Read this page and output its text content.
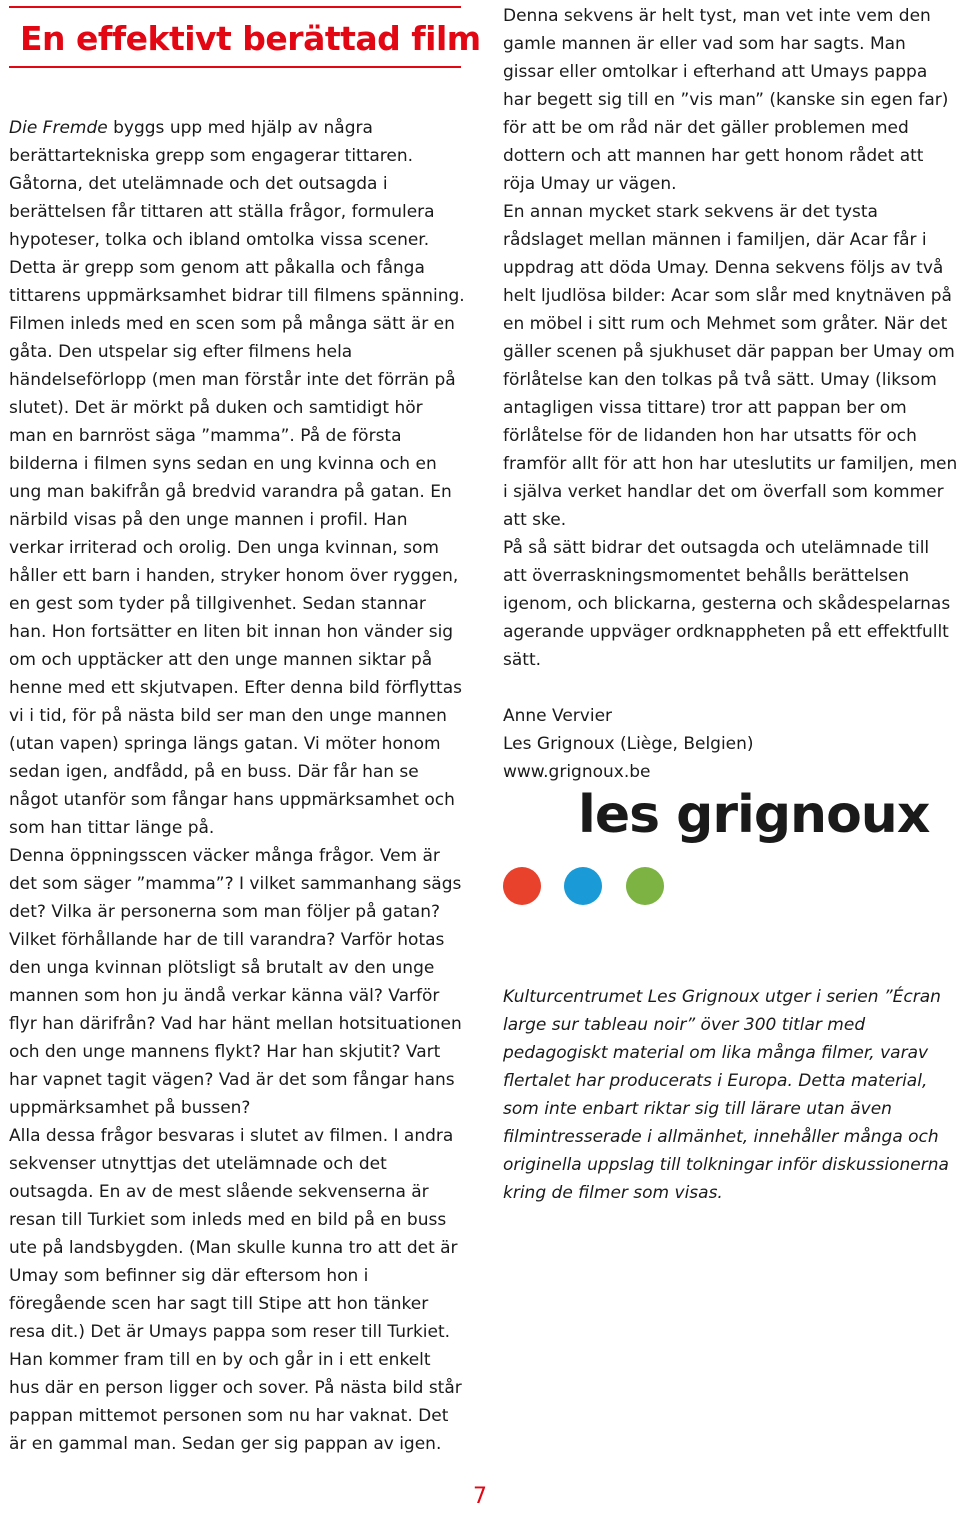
En effektivt berättad film

Die Fremde byggs upp med hjälp av några berättartekniska grepp som engagerar tittaren. Gåtorna, det utelämnade och det outsagda i berättelsen får tittaren att ställa frågor, formulera hypoteser, tolka och ibland omtolka vissa scener. Detta är grepp som genom att påkalla och fånga tittarens uppmärksamhet bidrar till filmens spänning.

Filmen inleds med en scen som på många sätt är en gåta. Den utspelar sig efter filmens hela händelseförlopp (men man förstår inte det förrän på slutet). Det är mörkt på duken och samtidigt hör man en barnröst säga ”mamma”. På de första bilderna i filmen syns sedan en ung kvinna och en ung man bakifrån gå bredvid varandra på gatan. En närbild visas på den unge mannen i profil. Han verkar irriterad och orolig. Den unga kvinnan, som håller ett barn i handen, stryker honom över ryggen, en gest som tyder på tillgivenhet. Sedan stannar han. Hon fortsätter en liten bit innan hon vänder sig om och upptäcker att den unge mannen siktar på henne med ett skjutvapen. Efter denna bild förflyttas vi i tid, för på nästa bild ser man den unge mannen (utan vapen) springa längs gatan. Vi möter honom sedan igen, andfådd, på en buss. Där får han se något utanför som fångar hans uppmärksamhet och som han tittar länge på.

Denna öppningsscen väcker många frågor. Vem är det som säger ”mamma”? I vilket sammanhang sägs det? Vilka är personerna som man följer på gatan? Vilket förhållande har de till varandra? Varför hotas den unga kvinnan plötsligt så brutalt av den unge mannen som hon ju ändå verkar känna väl? Varför flyr han därifrån? Vad har hänt mellan hotsituationen och den unge mannens flykt? Har han skjutit? Vart har vapnet tagit vägen? Vad är det som fångar hans uppmärksamhet på bussen?

Alla dessa frågor besvaras i slutet av filmen. I andra sekvenser utnyttjas det utelämnade och det outsagda. En av de mest slående sekvenserna är resan till Turkiet som inleds med en bild på en buss ute på landsbygden. (Man skulle kunna tro att det är Umay som befinner sig där eftersom hon i föregående scen har sagt till Stipe att hon tänker resa dit.) Det är Umays pappa som reser till Turkiet. Han kommer fram till en by och går in i ett enkelt hus där en person ligger och sover. På nästa bild står pappan mittemot personen som nu har vaknat. Det är en gammal man. Sedan ger sig pappan av igen.

Denna sekvens är helt tyst, man vet inte vem den gamle mannen är eller vad som har sagts. Man gissar eller omtolkar i efterhand att Umays pappa har begett sig till en ”vis man” (kanske sin egen far) för att be om råd när det gäller problemen med dottern och att mannen har gett honom rådet att röja Umay ur vägen.

En annan mycket stark sekvens är det tysta rådslaget mellan männen i familjen, där Acar får i uppdrag att döda Umay. Denna sekvens följs av två helt ljudlösa bilder: Acar som slår med knytnäven på en möbel i sitt rum och Mehmet som gråter. När det gäller scenen på sjukhuset där pappan ber Umay om förlåtelse kan den tolkas på två sätt. Umay (liksom antagligen vissa tittare) tror att pappan ber om förlåtelse för de lidanden hon har utsatts för och framför allt för att hon har uteslutits ur familjen, men i själva verket handlar det om överfall som kommer att ske.

På så sätt bidrar det outsagda och utelämnade till att överraskningsmomentet behålls berättelsen igenom, och blickarna, gesterna och skådespelarnas agerande uppväger ordknappheten på ett effektfullt sätt.

Anne Vervier

Les Grignoux (Liège, Belgien)

www.grignoux.be

les grignoux

Kulturcentrumet Les Grignoux utger i serien ”Écran large sur tableau noir” över 300 titlar med pedagogiskt material om lika många filmer, varav flertalet har producerats i Europa. Detta material, som inte enbart riktar sig till lärare utan även filmintresserade i allmänhet, innehåller många och originella uppslag till tolkningar inför diskussionerna kring de filmer som visas.

7
